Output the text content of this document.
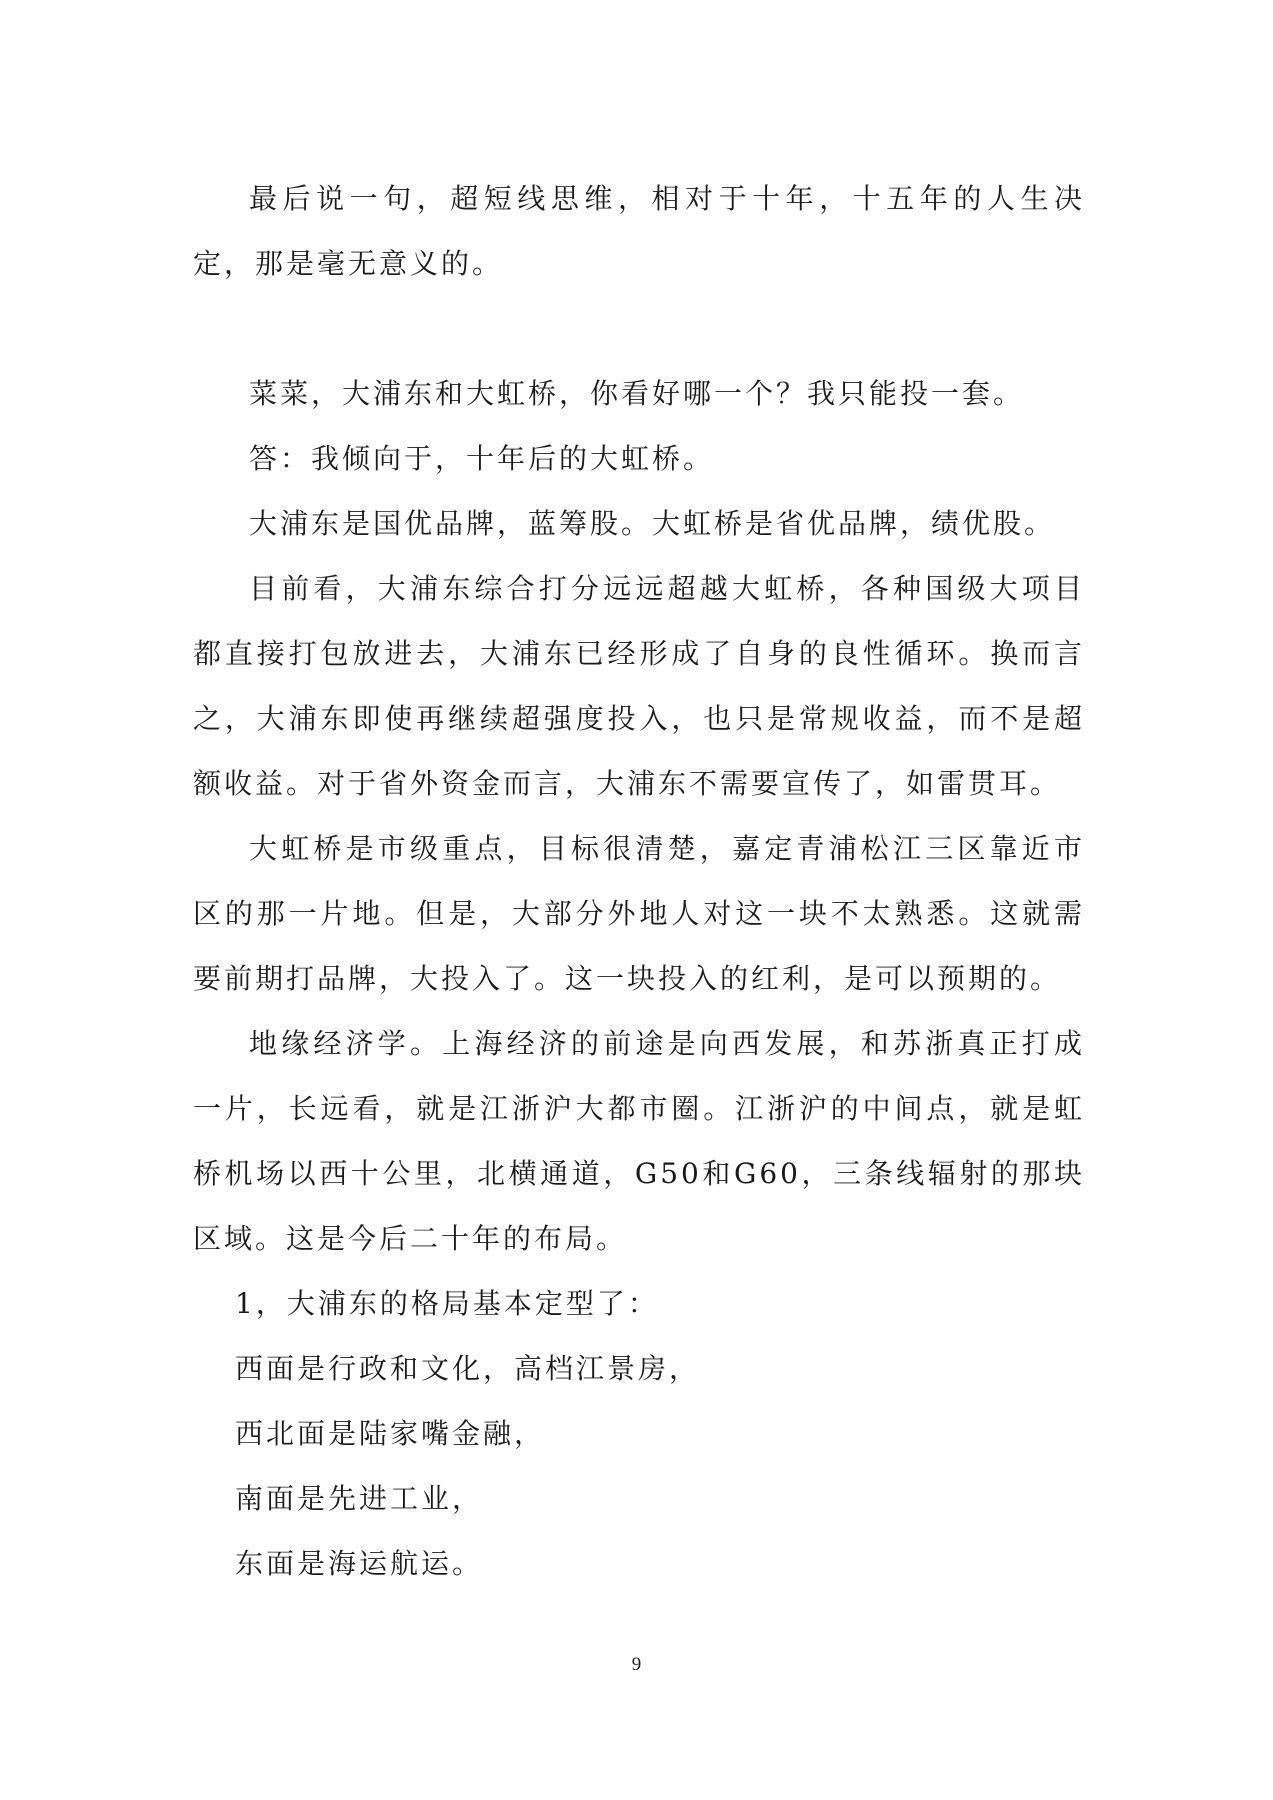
最后说一句，超短线思维，相对于十年，十五年的人生决定，那是毫无意义的。

菜菜，大浦东和大虹桥，你看好哪一个？我只能投一套。

答：我倾向于，十年后的大虹桥。

大浦东是国优品牌，蓝筹股。大虹桥是省优品牌，绩优股。

目前看，大浦东综合打分远远超越大虹桥，各种国级大项目都直接打包放进去，大浦东已经形成了自身的良性循环。换而言之，大浦东即使再继续超强度投入，也只是常规收益，而不是超额收益。对于省外资金而言，大浦东不需要宣传了，如雷贯耳。

大虹桥是市级重点，目标很清楚，嘉定青浦松江三区靠近市区的那一片地。但是，大部分外地人对这一块不太熟悉。这就需要前期打品牌，大投入了。这一块投入的红利，是可以预期的。

地缘经济学。上海经济的前途是向西发展，和苏浙真正打成一片，长远看，就是江浙沪大都市圈。江浙沪的中间点，就是虹桥机场以西十公里，北横通道，G50和G60，三条线辐射的那块区域。这是今后二十年的布局。

1，大浦东的格局基本定型了：

西面是行政和文化，高档江景房，

西北面是陆家嘴金融，

南面是先进工业，

东面是海运航运。

9
